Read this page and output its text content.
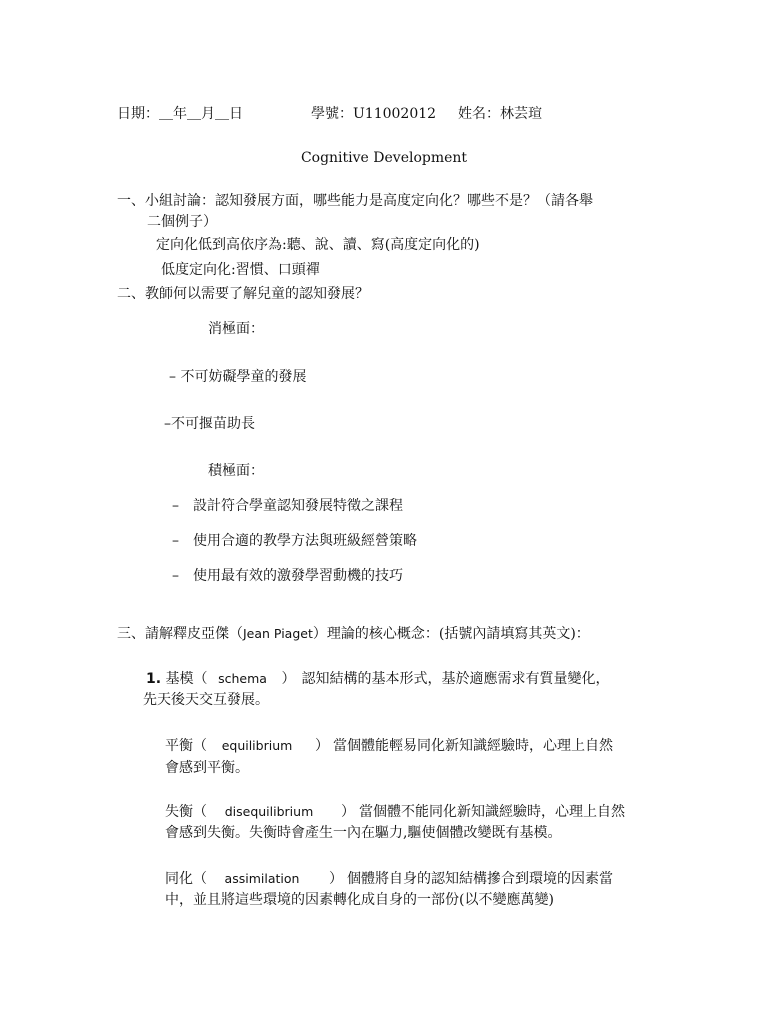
日期：＿年＿月＿日	學號：U11002012 姓名：林芸瑄
Cognitive Development
一、小組討論：認知發展方面，哪些能力是高度定向化？哪些不是？（請各舉
二個例子）
定向化低到高依序為:聽、說、讀、寫(高度定向化的)
低度定向化:習慣、口頭禪
二、教師何以需要了解兒童的認知發展？
消極面：
– 不可妨礙學童的發展
–不可揠苗助長
積極面：
–　設計符合學童認知發展特徵之課程
–　使用合適的教學方法與班級經營策略
–　使用最有效的激發學習動機的技巧
三、請解釋皮亞傑（Jean Piaget）理論的核心概念：(括號內請填寫其英文)：
1. 基模（ schema ） 認知結構的基本形式，基於適應需求有質量變化，
先天後天交互發展。
平衡（ equilibrium ） 當個體能輕易同化新知識經驗時，心理上自然
會感到平衡。
失衡（ disequilibrium ） 當個體不能同化新知識經驗時，心理上自然
會感到失衡。失衡時會產生一內在驅力,驅使個體改變既有基模。
同化（ assimilation ） 個體將自身的認知結構摻合到環境的因素當
中，並且將這些環境的因素轉化成自身的一部份(以不變應萬變)
